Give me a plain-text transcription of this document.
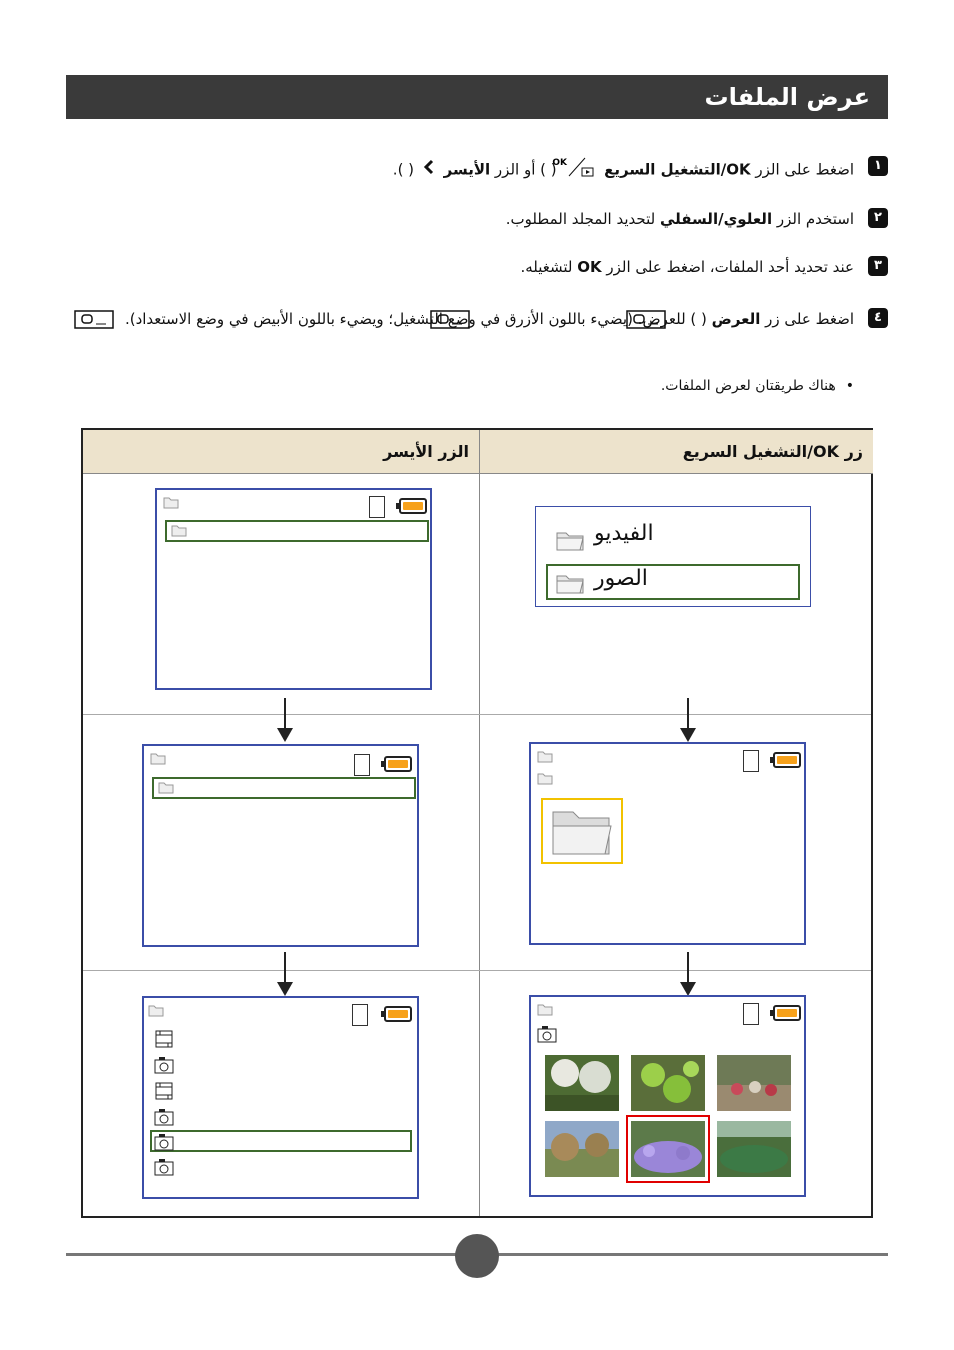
عرض الملفات
١
اضغط على الزر OK/التشغيل السريع
OK
( ) أو الزر الأيسر  ( ).
٢
استخدم الزر العلوي/السفلي لتحديد المجلد المطلوب.
٣
عند تحديد أحد الملفات، اضغط على الزر OK لتشغيله.
٤
اضغط على زر العرض ( ) للعرض. (يضيء باللون الأزرق في وضع التشغيل؛ ويضيء باللون الأبيض في وضع الاستعداد).
• هناك طريقتان لعرض الملفات.
زر OK/التشغيل السريع
الزر الأيسر
الفيديو
الصور
